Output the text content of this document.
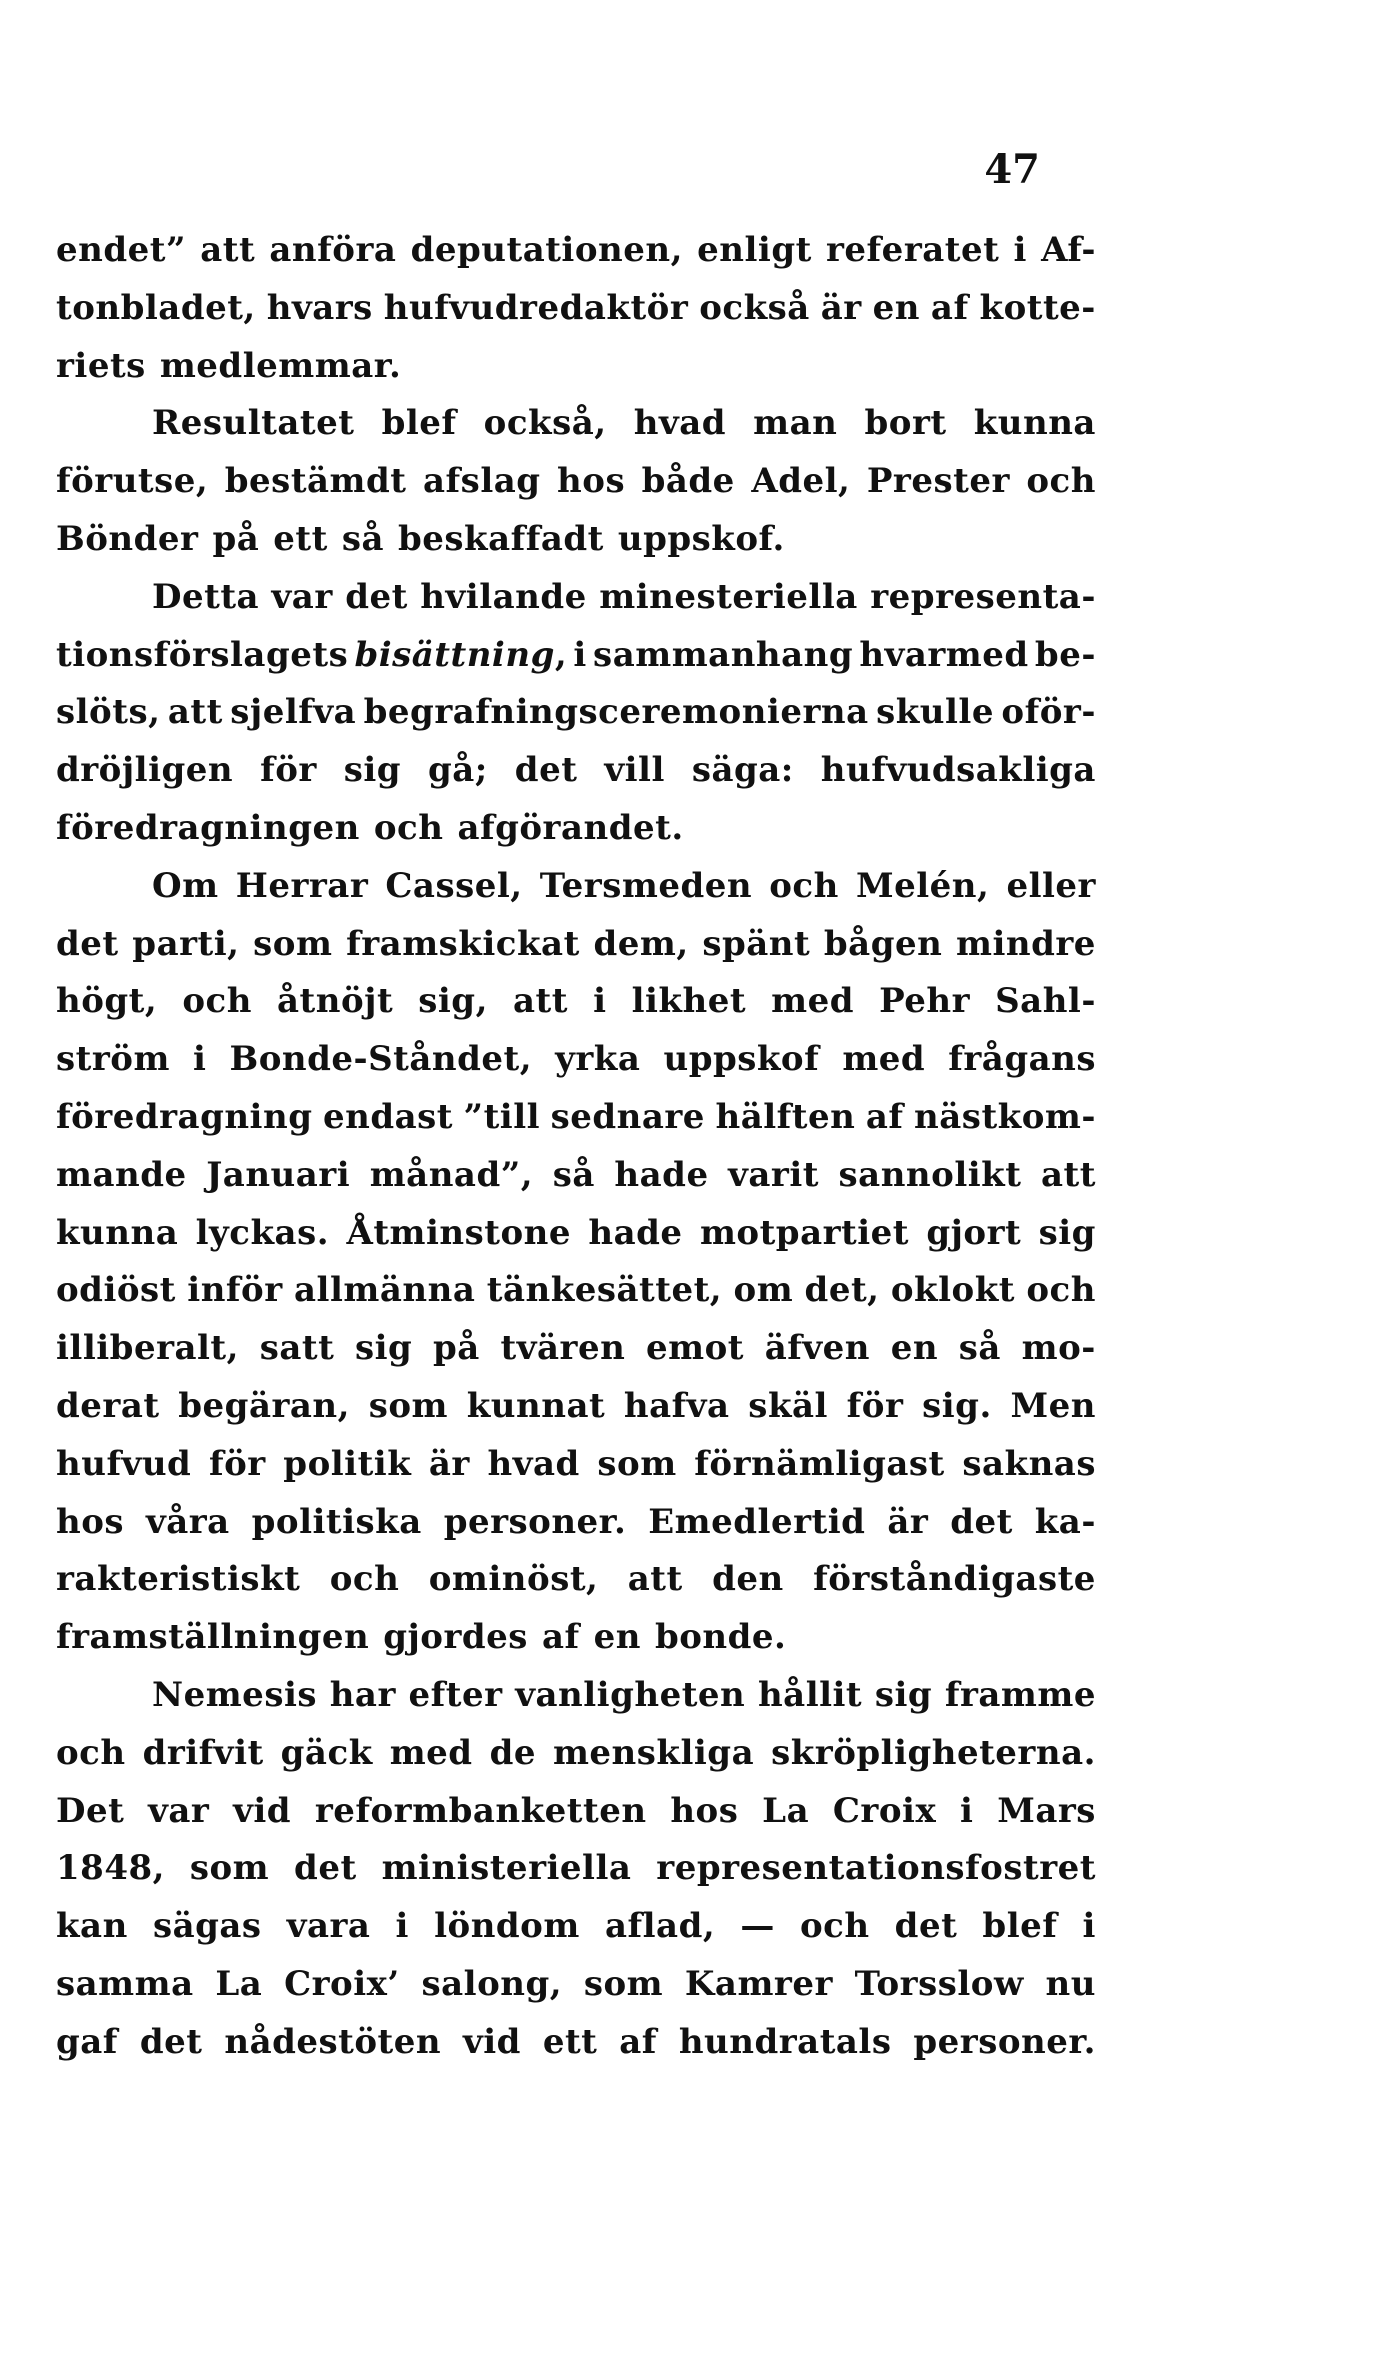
47
endet” att anföra deputationen, enligt referatet i Af-
tonbladet, hvars hufvudredaktör också är en af kotte-
riets medlemmar.
Resultatet blef också, hvad man bort kunna
förutse, bestämdt afslag hos både Adel, Prester och
Bönder på ett så beskaffadt uppskof.
Detta var det hvilande minesteriella representa-
tionsförslagets bisättning, i sammanhang hvarmed be-
slöts, att sjelfva begrafningsceremonierna skulle oför-
dröjligen för sig gå; det vill säga: hufvudsakliga
föredragningen och afgörandet.
Om Herrar Cassel, Tersmeden och Melén, eller
det parti, som framskickat dem, spänt bågen mindre
högt, och åtnöjt sig, att i likhet med Pehr Sahl-
ström i Bonde-Ståndet, yrka uppskof med frågans
föredragning endast ”till sednare hälften af nästkom-
mande Januari månad”, så hade varit sannolikt att
kunna lyckas. Åtminstone hade motpartiet gjort sig
odiöst inför allmänna tänkesättet, om det, oklokt och
illiberalt, satt sig på tvären emot äfven en så mo-
derat begäran, som kunnat hafva skäl för sig. Men
hufvud för politik är hvad som förnämligast saknas
hos våra politiska personer. Emedlertid är det ka-
rakteristiskt och ominöst, att den förståndigaste
framställningen gjordes af en bonde.
Nemesis har efter vanligheten hållit sig framme
och drifvit gäck med de menskliga skröpligheterna.
Det var vid reformbanketten hos La Croix i Mars
1848, som det ministeriella representationsfostret
kan sägas vara i löndom aflad, — och det blef i
samma La Croix’ salong, som Kamrer Torsslow nu
gaf det nådestöten vid ett af hundratals personer.
